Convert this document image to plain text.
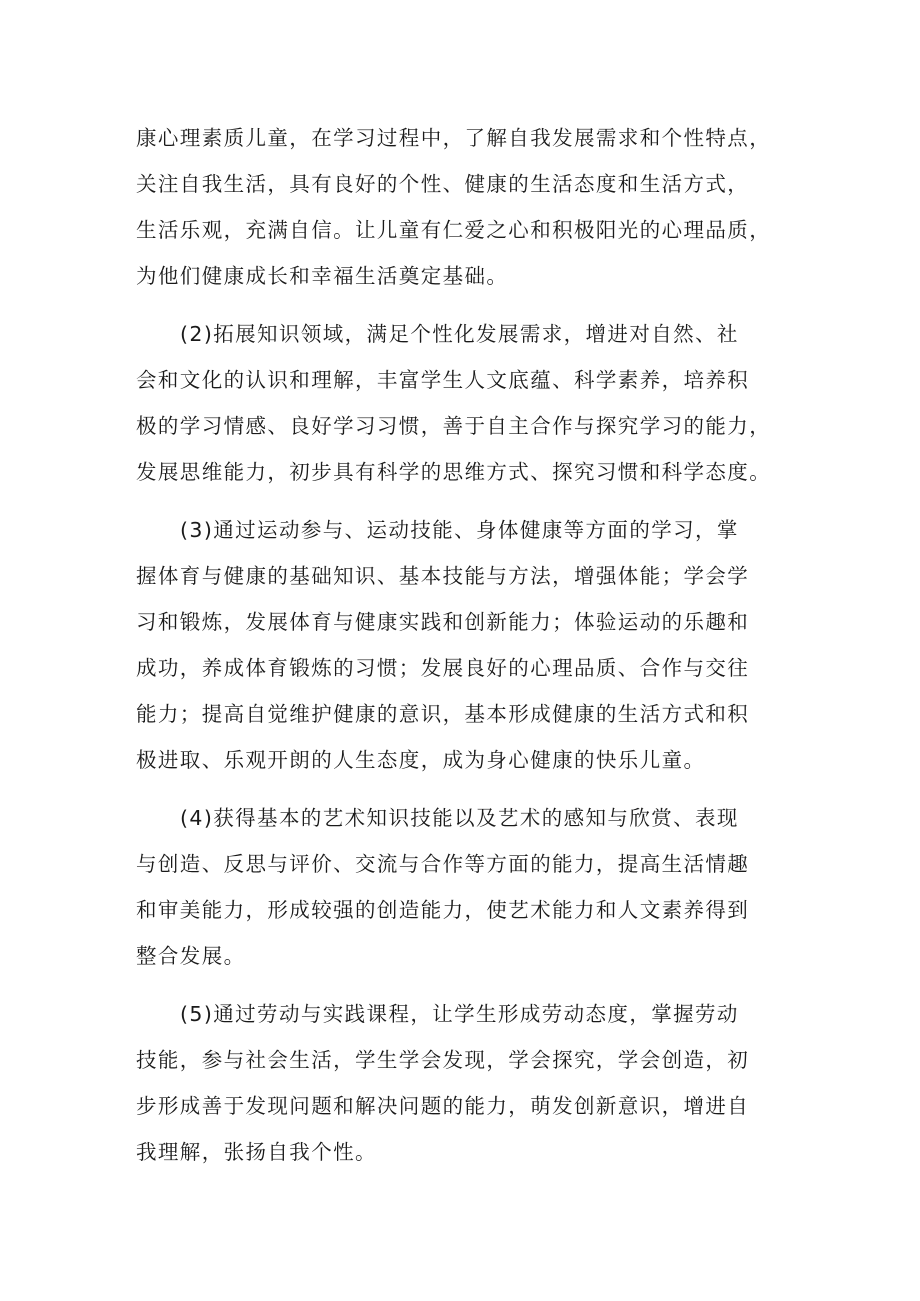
康心理素质儿童，在学习过程中，了解自我发展需求和个性特点，
关注自我生活，具有良好的个性、健康的生活态度和生活方式，
生活乐观，充满自信。让儿童有仁爱之心和积极阳光的心理品质，
为他们健康成长和幸福生活奠定基础。
(2)拓展知识领域，满足个性化发展需求，增进对自然、社
会和文化的认识和理解，丰富学生人文底蕴、科学素养，培养积
极的学习情感、良好学习习惯，善于自主合作与探究学习的能力，
发展思维能力，初步具有科学的思维方式、探究习惯和科学态度。
(3)通过运动参与、运动技能、身体健康等方面的学习，掌
握体育与健康的基础知识、基本技能与方法，增强体能；学会学
习和锻炼，发展体育与健康实践和创新能力；体验运动的乐趣和
成功，养成体育锻炼的习惯；发展良好的心理品质、合作与交往
能力；提高自觉维护健康的意识，基本形成健康的生活方式和积
极进取、乐观开朗的人生态度，成为身心健康的快乐儿童。
(4)获得基本的艺术知识技能以及艺术的感知与欣赏、表现
与创造、反思与评价、交流与合作等方面的能力，提高生活情趣
和审美能力，形成较强的创造能力，使艺术能力和人文素养得到
整合发展。
(5)通过劳动与实践课程，让学生形成劳动态度，掌握劳动
技能，参与社会生活，学生学会发现，学会探究，学会创造，初
步形成善于发现问题和解决问题的能力，萌发创新意识，增进自
我理解，张扬自我个性。
